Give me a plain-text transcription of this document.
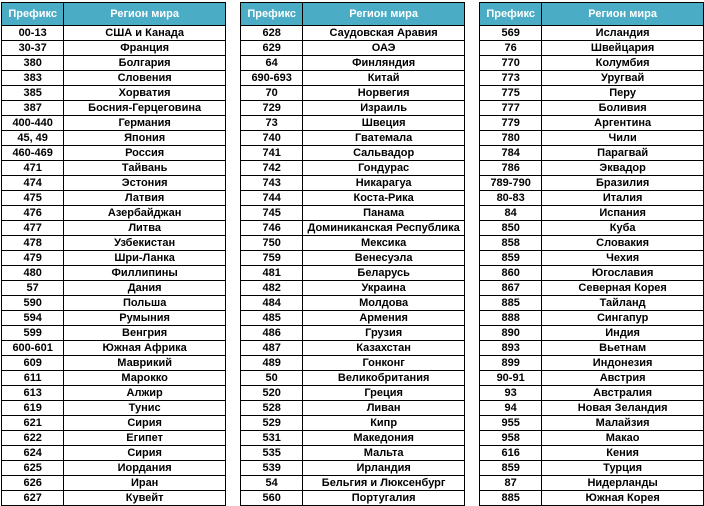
Префикс	Регион мира
00-13	США и Канада
30-37	Франция
380	Болгария
383	Словения
385	Хорватия
387	Босния-Герцеговина
400-440	Германия
45, 49	Япония
460-469	Россия
471	Тайвань
474	Эстония
475	Латвия
476	Азербайджан
477	Литва
478	Узбекистан
479	Шри-Ланка
480	Филлипины
57	Дания
590	Польша
594	Румыния
599	Венгрия
600-601	Южная Африка
609	Маврикий
611	Марокко
613	Алжир
619	Тунис
621	Сирия
622	Египет
624	Сирия
625	Иордания
626	Иран
627	Кувейт
Префикс	Регион мира
628	Саудовская Аравия
629	ОАЭ
64	Финляндия
690-693	Китай
70	Норвегия
729	Израиль
73	Швеция
740	Гватемала
741	Сальвадор
742	Гондурас
743	Никарагуа
744	Коста-Рика
745	Панама
746	Доминиканская Республика
750	Мексика
759	Венесуэла
481	Беларусь
482	Украина
484	Молдова
485	Армения
486	Грузия
487	Казахстан
489	Гонконг
50	Великобритания
520	Греция
528	Ливан
529	Кипр
531	Македония
535	Мальта
539	Ирландия
54	Бельгия и Люксенбург
560	Португалия
Префикс	Регион мира
569	Исландия
76	Швейцария
770	Колумбия
773	Уругвай
775	Перу
777	Боливия
779	Аргентина
780	Чили
784	Парагвай
786	Эквадор
789-790	Бразилия
80-83	Италия
84	Испания
850	Куба
858	Словакия
859	Чехия
860	Югославия
867	Северная Корея
885	Тайланд
888	Сингапур
890	Индия
893	Вьетнам
899	Индонезия
90-91	Австрия
93	Австралия
94	Новая Зеландия
955	Малайзия
958	Макао
616	Кения
859	Турция
87	Нидерланды
885	Южная Корея
